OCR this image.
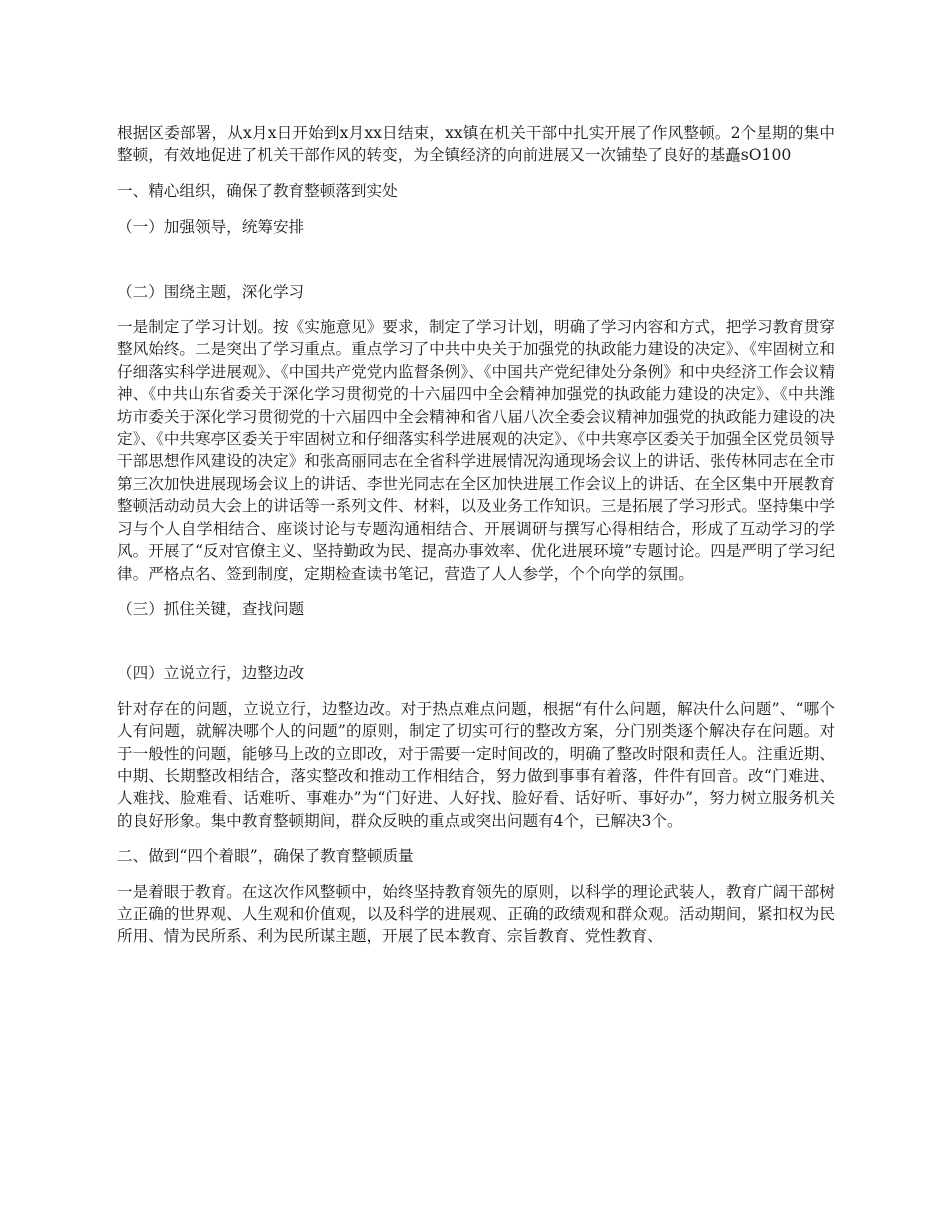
根据区委部署，从x月x日开始到x月xx日结束，xx镇在机关干部中扎实开展了作风整顿。2个星期的集中整顿，有效地促进了机关干部作风的转变，为全镇经济的向前进展又一次铺垫了良好的基矗sO100

一、精心组织，确保了教育整顿落到实处

（一）加强领导，统筹安排

（二）围绕主题，深化学习

一是制定了学习计划。按《实施意见》要求，制定了学习计划，明确了学习内容和方式，把学习教育贯穿整风始终。二是突出了学习重点。重点学习了中共中央关于加强党的执政能力建设的决定》、《牢固树立和仔细落实科学进展观》、《中国共产党党内监督条例》、《中国共产党纪律处分条例》和中央经济工作会议精神、《中共山东省委关于深化学习贯彻党的十六届四中全会精神加强党的执政能力建设的决定》、《中共潍坊市委关于深化学习贯彻党的十六届四中全会精神和省八届八次全委会议精神加强党的执政能力建设的决定》、《中共寒亭区委关于牢固树立和仔细落实科学进展观的决定》、《中共寒亭区委关于加强全区党员领导干部思想作风建设的决定》和张高丽同志在全省科学进展情况沟通现场会议上的讲话、张传林同志在全市第三次加快进展现场会议上的讲话、李世光同志在全区加快进展工作会议上的讲话、在全区集中开展教育整顿活动动员大会上的讲话等一系列文件、材料，以及业务工作知识。三是拓展了学习形式。坚持集中学习与个人自学相结合、座谈讨论与专题沟通相结合、开展调研与撰写心得相结合，形成了互动学习的学风。开展了“反对官僚主义、坚持勤政为民、提高办事效率、优化进展环境”专题讨论。四是严明了学习纪律。严格点名、签到制度，定期检查读书笔记，营造了人人参学，个个向学的氛围。

（三）抓住关键，查找问题

（四）立说立行，边整边改

针对存在的问题，立说立行，边整边改。对于热点难点问题，根据“有什么问题，解决什么问题”、“哪个人有问题，就解决哪个人的问题”的原则，制定了切实可行的整改方案，分门别类逐个解决存在问题。对于一般性的问题，能够马上改的立即改，对于需要一定时间改的，明确了整改时限和责任人。注重近期、中期、长期整改相结合，落实整改和推动工作相结合，努力做到事事有着落，件件有回音。改“门难进、人难找、脸难看、话难听、事难办”为“门好进、人好找、脸好看、话好听、事好办”，努力树立服务机关的良好形象。集中教育整顿期间，群众反映的重点或突出问题有4个，已解决3个。

二、做到“四个着眼”，确保了教育整顿质量

一是着眼于教育。在这次作风整顿中，始终坚持教育领先的原则，以科学的理论武装人，教育广阔干部树立正确的世界观、人生观和价值观，以及科学的进展观、正确的政绩观和群众观。活动期间，紧扣权为民所用、情为民所系、利为民所谋主题，开展了民本教育、宗旨教育、党性教育、
